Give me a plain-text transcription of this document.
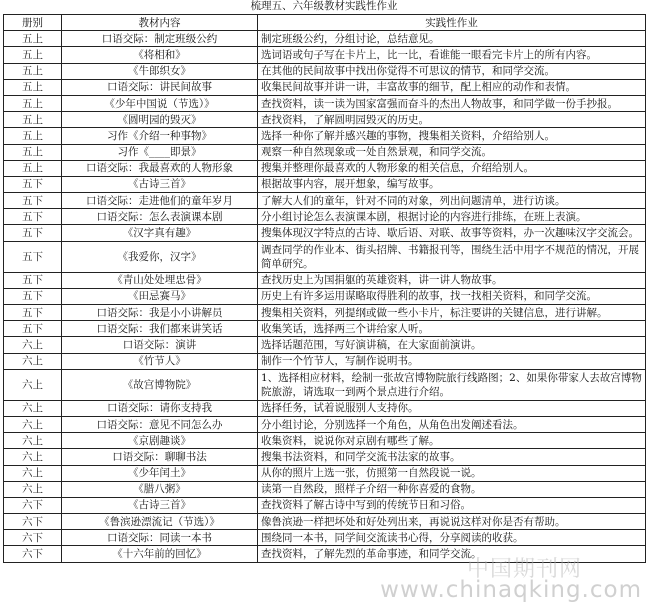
梳理五、六年级教材实践性作业
册别	教材内容	实践性作业
五上	口语交际：制定班级公约	制定班级公约，分组讨论，总结意见。
五上	《将相和》	选词语或句子写在卡片上，比一比，看谁能一眼看完卡片上的所有内容。
五上	《牛郎织女》	在其他的民间故事中找出你觉得不可思议的情节，和同学交流。
五上	口语交际：讲民间故事	收集民间故事并讲一讲，丰富故事的细节，配上相应的动作和表情。
五上	《少年中国说（节选）》	查找资料，读一读为国家富强而奋斗的杰出人物故事，和同学做一份手抄报。
五上	《圆明园的毁灭》	查找资料，了解圆明园毁灭的历史。
五上	习作《介绍一种事物》	选择一种你了解并感兴趣的事物，搜集相关资料，介绍给别人。
五上	习作《____即景》	观察一种自然现象或一处自然景观，和同学交流。
五上	口语交际：我最喜欢的人物形象	搜集并整理你最喜欢的人物形象的相关信息，介绍给别人。
五下	《古诗三首》	根据故事内容，展开想象，编写故事。
五下	口语交际：走进他们的童年岁月	了解大人们的童年，针对不同的对象，列出问题清单，进行访谈。
五下	口语交际：怎么表演课本剧	分小组讨论怎么表演课本剧，根据讨论的内容进行排练，在班上表演。
五下	《汉字真有趣》	搜集体现汉字特点的古诗、歇后语、对联、故事等资料，办一次趣味汉字交流会。
五下	《我爱你，汉字》	调查同学的作业本、街头招牌、书籍报刊等，围绕生活中用字不规范的情况，开展简单研究。
五下	《青山处处埋忠骨》	查找历史上为国捐躯的英雄资料，讲一讲人物故事。
五下	《田忌赛马》	历史上有许多运用谋略取得胜利的故事，找一找相关资料，和同学交流。
五下	口语交际：我是小小讲解员	搜集相关资料，列提纲或做一些小卡片，标注要讲的关键信息，进行讲解。
五下	口语交际：我们都来讲笑话	收集笑话，选择两三个讲给家人听。
六上	口语交际：演讲	选择话题范围，写好演讲稿，在大家面前演讲。
六上	《竹节人》	制作一个竹节人，写制作说明书。
六上	《故宫博物院》	1、选择相应材料，绘制一张故宫博物院旅行线路图；2、如果你带家人去故宫博物院旅游，请选取一到两个景点进行介绍。
六上	口语交际：请你支持我	选择任务，试着说服别人支持你。
六上	口语交际：意见不同怎么办	分小组讨论，分别选择一个角色，从角色出发阐述看法。
六上	《京剧趣谈》	收集资料，说说你对京剧有哪些了解。
六上	口语交际：聊聊书法	搜集书法资料，和同学交流书法家的故事。
六上	《少年闰土》	从你的照片上选一张，仿照第一自然段说一说。
六上	《腊八粥》	读第一自然段，照样子介绍一种你喜爱的食物。
六下	《古诗三首》	查找资料了解古诗中写到的传统节日和习俗。
六下	《鲁滨逊漂流记（节选）》	像鲁滨逊一样把坏处和好处列出来，再说说这样对你是否有帮助。
六下	口语交际：同读一本书	围绕同一本书，同学间交流读书心得，分享阅读的收获。
六下	《十六年前的回忆》	查找资料，了解先烈的革命事迹，和同学交流。
中国期刊网
www.chinaqking.com
